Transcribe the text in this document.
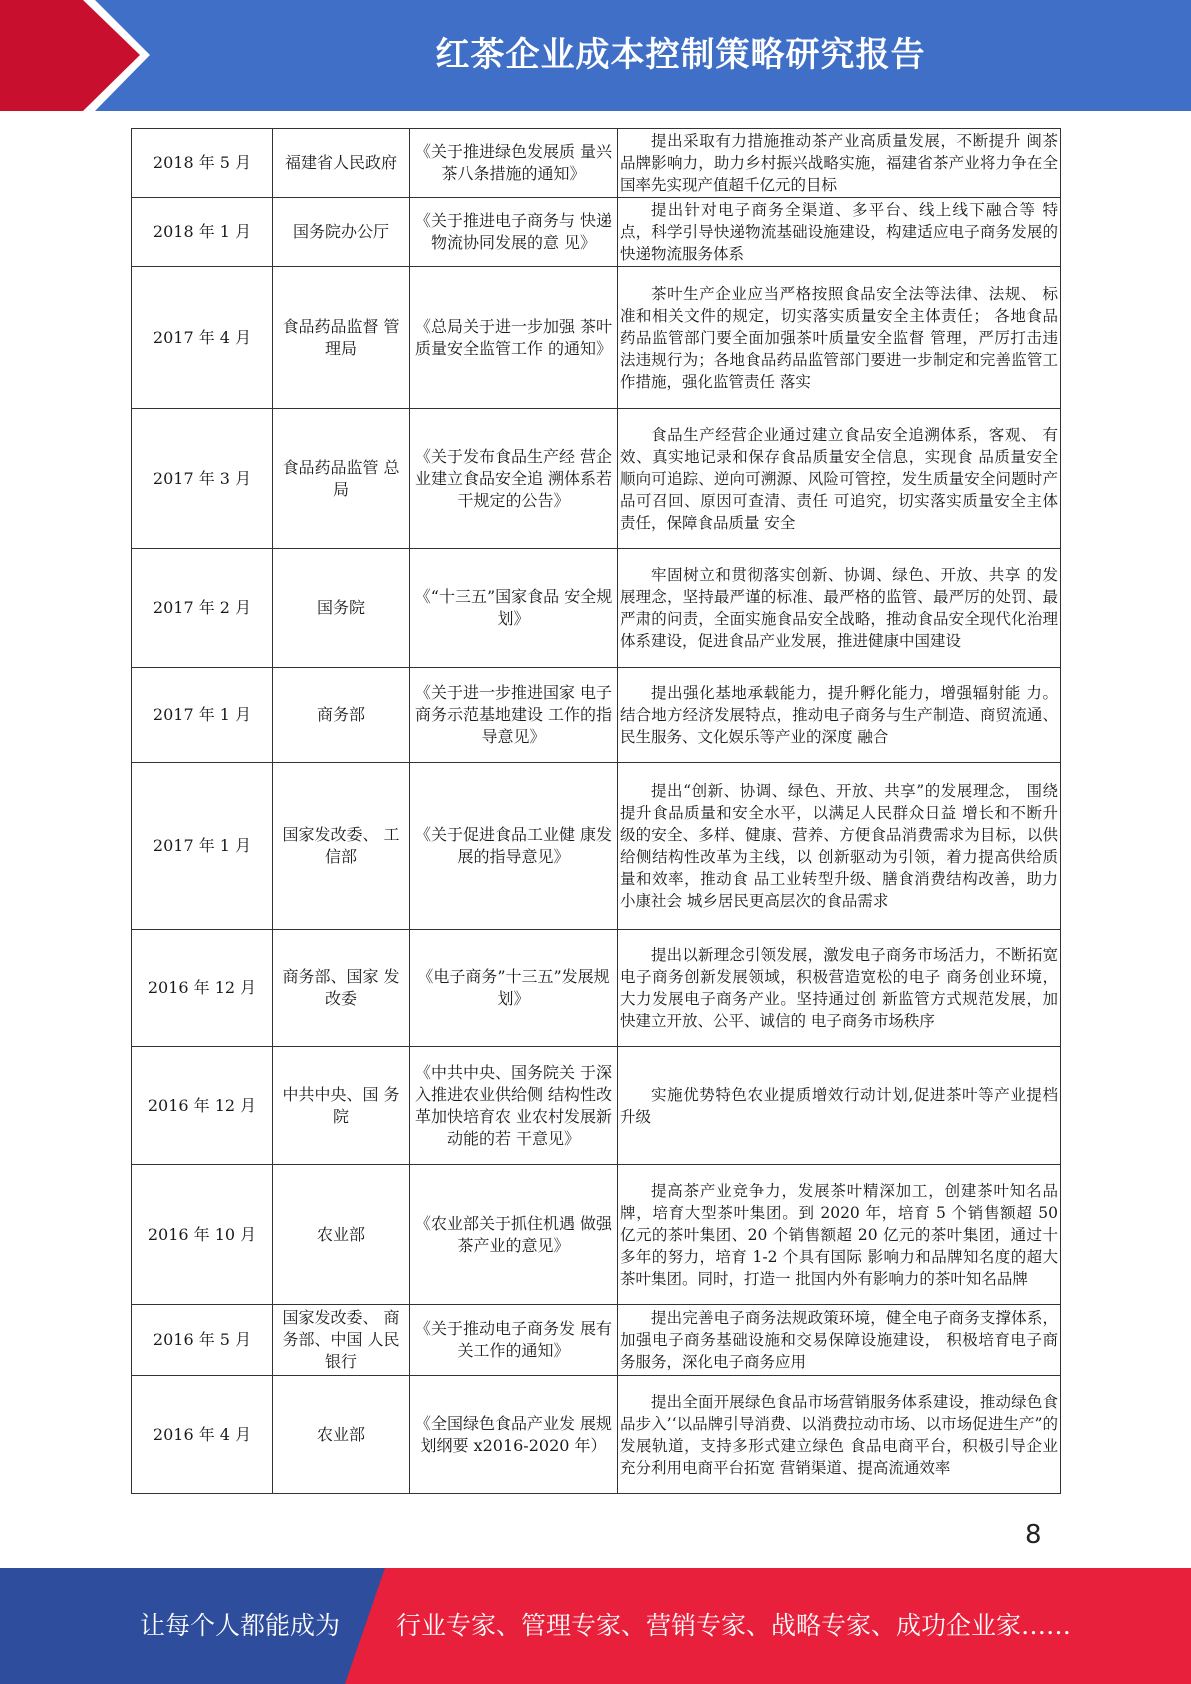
红茶企业成本控制策略研究报告
2018 年 5 月	福建省人民政府	《关于推进绿色发展质 量兴茶八条措施的通知》	提出采取有力措施推动茶产业高质量发展，不断提升 闽茶品牌影响力，助力乡村振兴战略实施，福建省茶产业将力争在全国率先实现产值超千亿元的目标
2018 年 1 月	国务院办公厅	《关于推进电子商务与 快递物流协同发展的意 见》	提出针对电子商务全渠道、多平台、线上线下融合等 特点，科学引导快递物流基础设施建设，构建适应电子商务发展的快递物流服务体系
2017 年 4 月	食品药品监督 管理局	《总局关于进一步加强 茶叶质量安全监管工作 的通知》	茶叶生产企业应当严格按照食品安全法等法律、法规、 标准和相关文件的规定，切实落实质量安全主体责任； 各地食品药品监管部门要全面加强茶叶质量安全监督 管理，严厉打击违法违规行为；各地食品药品监管部门要进一步制定和完善监管工作措施，强化监管责任 落实
2017 年 3 月	食品药品监管 总局	《关于发布食品生产经 营企业建立食品安全追 溯体系若干规定的公告》	食品生产经营企业通过建立食品安全追溯体系，客观、 有效、真实地记录和保存食品质量安全信息，实现食 品质量安全顺向可追踪、逆向可溯源、风险可管控，发生质量安全问题时产品可召回、原因可查清、责任 可追究，切实落实质量安全主体责任，保障食品质量 安全
2017 年 2 月	国务院	《“十三五”国家食品 安全规划》	牢固树立和贯彻落实创新、协调、绿色、开放、共享 的发展理念，坚持最严谨的标准、最严格的监管、最严厉的处罚、最严肃的问责，全面实施食品安全战略，推动食品安全现代化治理体系建设，促进食品产业发展，推进健康中国建设
2017 年 1 月	商务部	《关于进一步推进国家 电子商务示范基地建设 工作的指导意见》	提出强化基地承载能力，提升孵化能力，增强辐射能 力。结合地方经济发展特点，推动电子商务与生产制造、商贸流通、民生服务、文化娱乐等产业的深度 融合
2017 年 1 月	国家发改委、 工信部	《关于促进食品工业健 康发展的指导意见》	提出“创新、协调、绿色、开放、共享”的发展理念， 围绕提升食品质量和安全水平，以满足人民群众日益 增长和不断升级的安全、多样、健康、营养、方便食品消费需求为目标，以供给侧结构性改革为主线，以 创新驱动为引领，着力提高供给质量和效率，推动食 品工业转型升级、膳食消费结构改善，助力小康社会 城乡居民更高层次的食品需求
2016 年 12 月	商务部、国家 发改委	《电子商务”十三五”发展规划》	提出以新理念引领发展，激发电子商务市场活力，不断拓宽电子商务创新发展领域，积极营造宽松的电子 商务创业环境，大力发展电子商务产业。坚持通过创 新监管方式规范发展，加快建立开放、公平、诚信的 电子商务市场秩序
2016 年 12 月	中共中央、国 务院	《中共中央、国务院关 于深入推进农业供给侧 结构性改革加快培育农 业农村发展新动能的若 干意见》	实施优势特色农业提质增效行动计划,促进茶叶等产业提档升级
2016 年 10 月	农业部	《农业部关于抓住机遇 做强茶产业的意见》	提高茶产业竞争力，发展茶叶精深加工，创建茶叶知名品牌，培育大型茶叶集团。到 2020 年，培育 5 个销售额超 50 亿元的茶叶集团、20 个销售额超 20 亿元的茶叶集团，通过十多年的努力，培育 1-2 个具有国际 影响力和品牌知名度的超大茶叶集团。同时，打造一 批国内外有影响力的茶叶知名品牌
2016 年 5 月	国家发改委、 商务部、中国 人民银行	《关于推动电子商务发 展有关工作的通知》	提出完善电子商务法规政策环境，健全电子商务支撑体系，加强电子商务基础设施和交易保障设施建设， 积极培育电子商务服务，深化电子商务应用
2016 年 4 月	农业部	《全国绿色食品产业发 展规划纲要 x2016-2020 年）	提出全面开展绿色食品市场营销服务体系建设，推动绿色食品步入’‘以品牌引导消费、以消费拉动市场、以市场促进生产”的发展轨道，支持多形式建立绿色 食品电商平台，积极引导企业充分利用电商平台拓宽 营销渠道、提高流通效率
8
让每个人都能成为 行业专家、管理专家、营销专家、战略专家、成功企业家……
